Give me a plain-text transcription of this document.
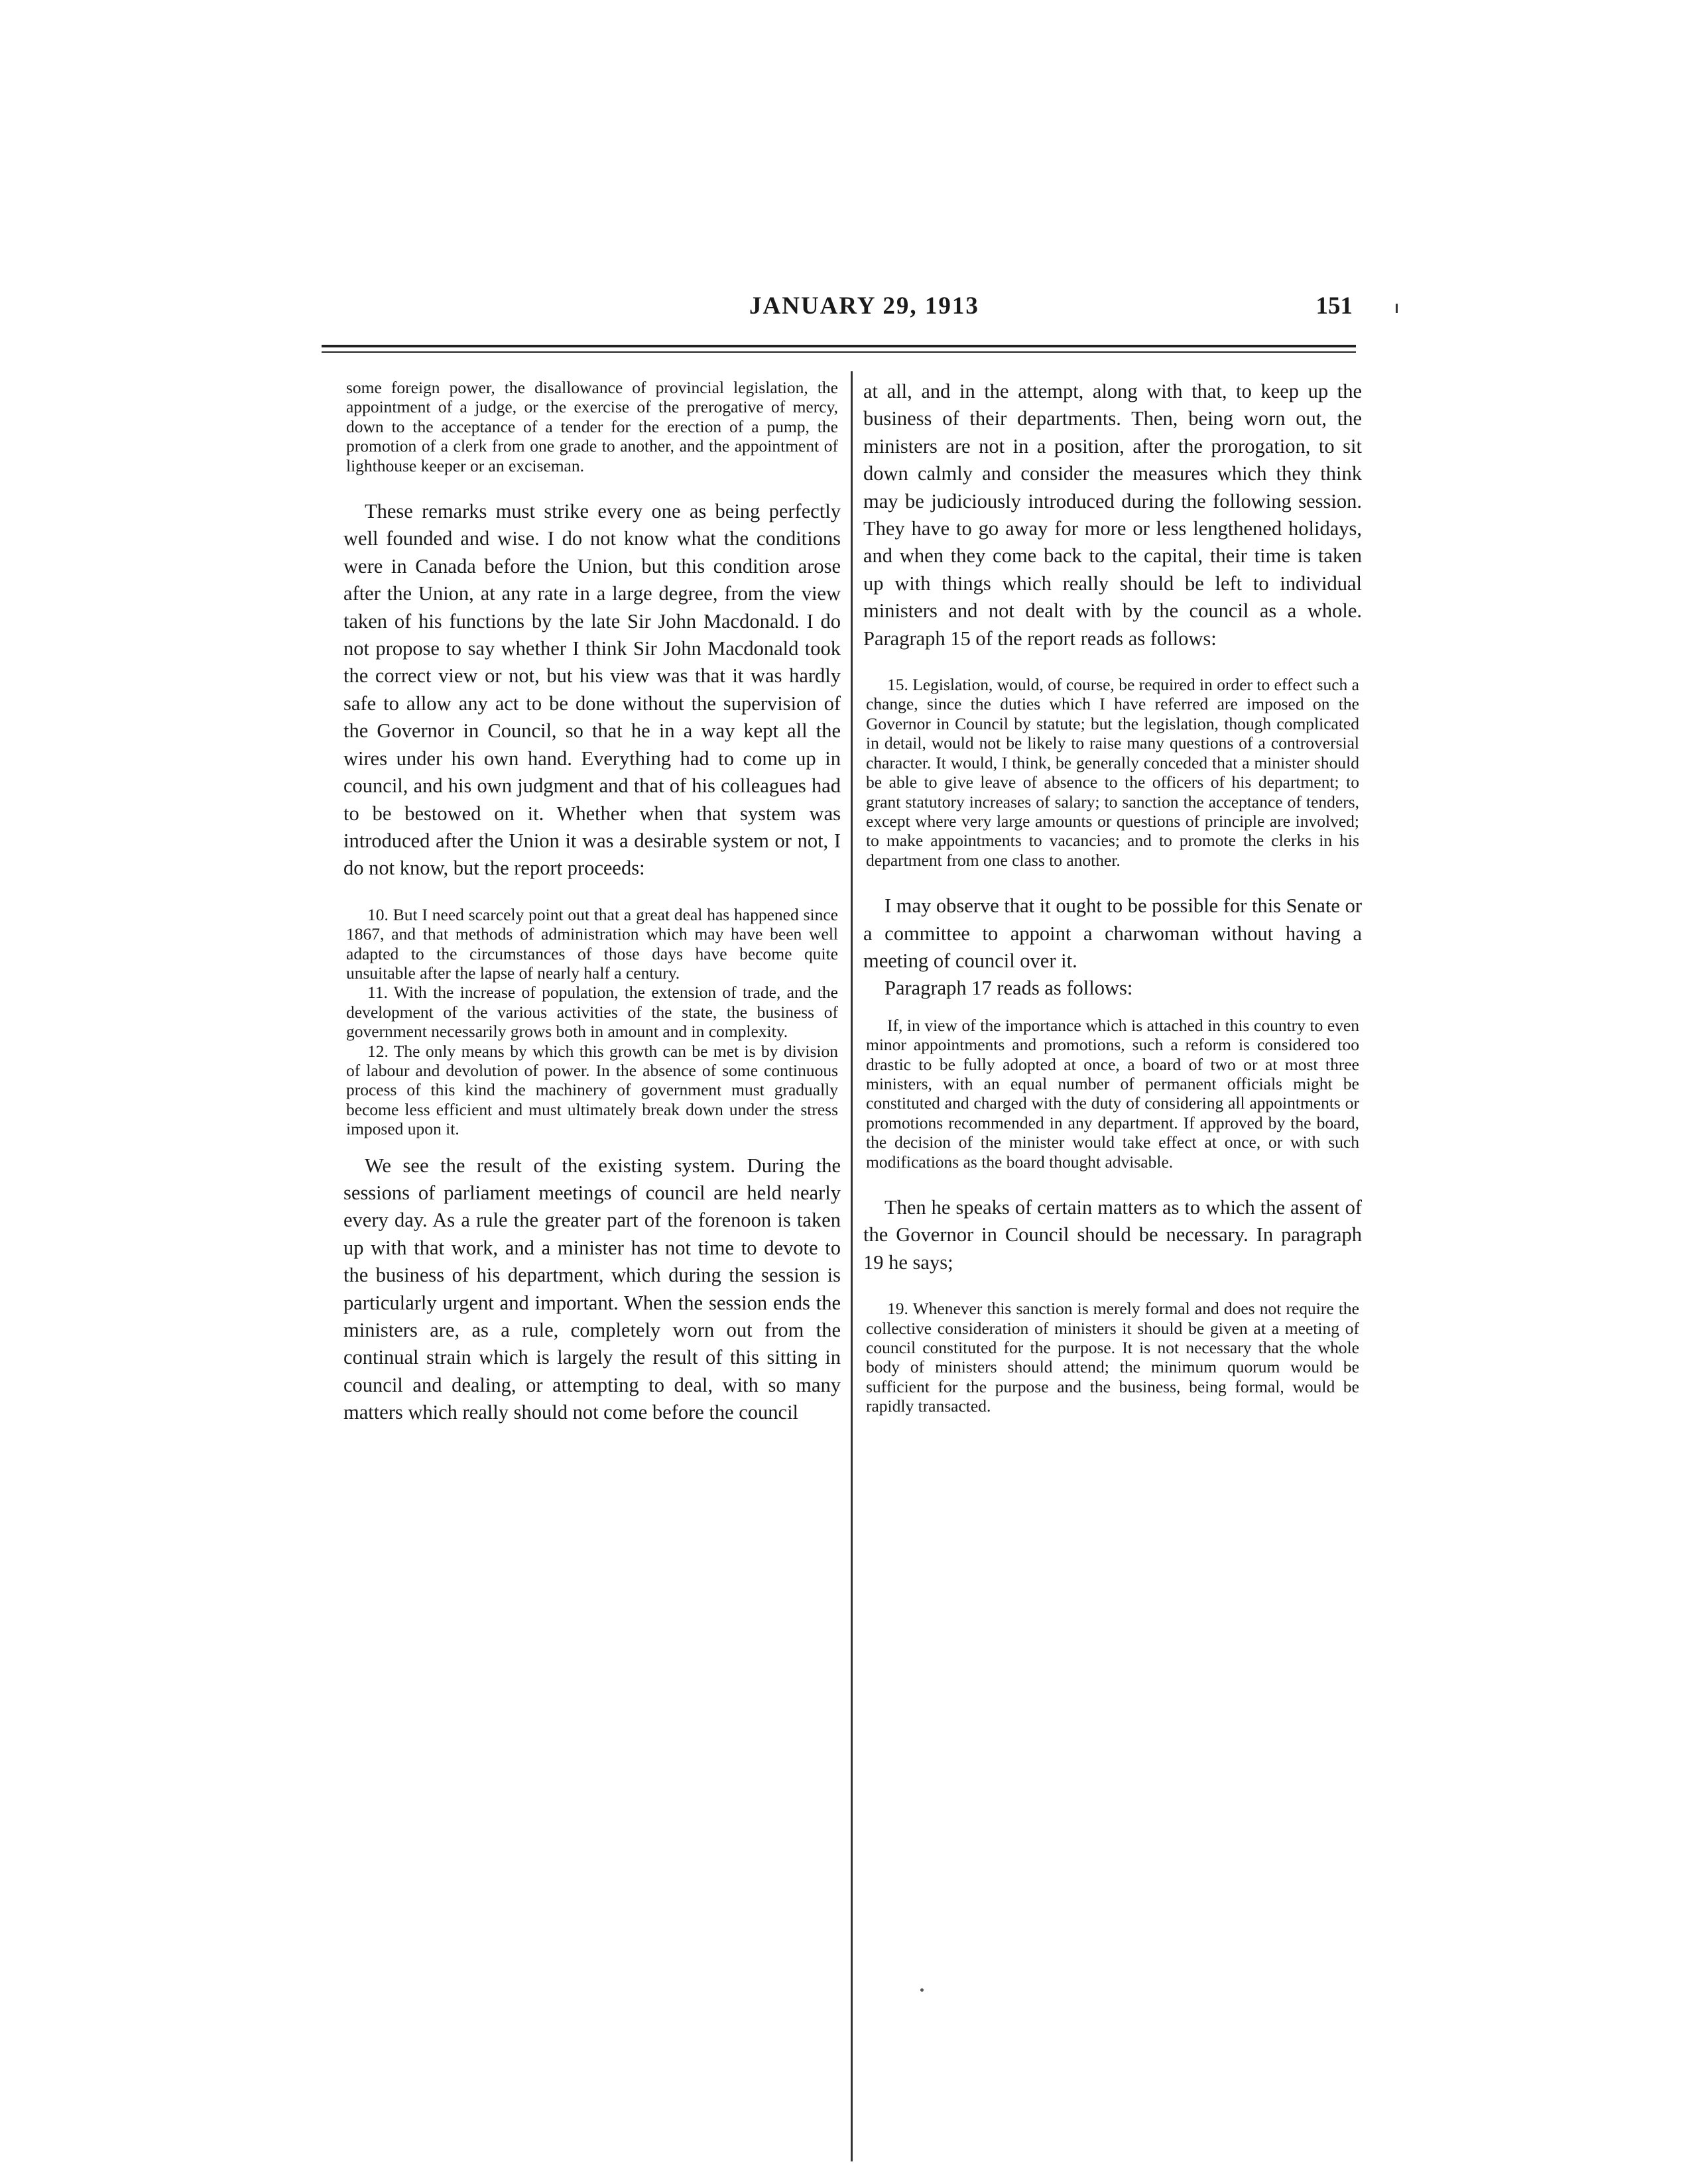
JANUARY 29, 1913	151

some foreign power, the disallowance of provincial legislation, the appointment of a judge, or the exercise of the prerogative of mercy, down to the acceptance of a tender for the erection of a pump, the promotion of a clerk from one grade to another, and the appointment of lighthouse keeper or an exciseman.

These remarks must strike every one as being perfectly well founded and wise. I do not know what the conditions were in Canada before the Union, but this condition arose after the Union, at any rate in a large degree, from the view taken of his functions by the late Sir John Macdonald. I do not propose to say whether I think Sir John Macdonald took the correct view or not, but his view was that it was hardly safe to allow any act to be done without the supervision of the Governor in Council, so that he in a way kept all the wires under his own hand. Everything had to come up in council, and his own judgment and that of his colleagues had to be bestowed on it. Whether when that system was introduced after the Union it was a desirable system or not, I do not know, but the report proceeds:

10. But I need scarcely point out that a great deal has happened since 1867, and that methods of administration which may have been well adapted to the circumstances of those days have become quite unsuitable after the lapse of nearly half a century.

11. With the increase of population, the extension of trade, and the development of the various activities of the state, the business of government necessarily grows both in amount and in complexity.

12. The only means by which this growth can be met is by division of labour and devolution of power. In the absence of some continuous process of this kind the machinery of government must gradually become less efficient and must ultimately break down under the stress imposed upon it.

We see the result of the existing system. During the sessions of parliament meetings of council are held nearly every day. As a rule the greater part of the forenoon is taken up with that work, and a minister has not time to devote to the business of his department, which during the session is particularly urgent and important. When the session ends the ministers are, as a rule, completely worn out from the continual strain which is largely the result of this sitting in council and dealing, or attempting to deal, with so many matters which really should not come before the council

at all, and in the attempt, along with that, to keep up the business of their departments. Then, being worn out, the ministers are not in a position, after the prorogation, to sit down calmly and consider the measures which they think may be judiciously introduced during the following session. They have to go away for more or less lengthened holidays, and when they come back to the capital, their time is taken up with things which really should be left to individual ministers and not dealt with by the council as a whole. Paragraph 15 of the report reads as follows:

15. Legislation, would, of course, be required in order to effect such a change, since the duties which I have referred are imposed on the Governor in Council by statute; but the legislation, though complicated in detail, would not be likely to raise many questions of a controversial character. It would, I think, be generally conceded that a minister should be able to give leave of absence to the officers of his department; to grant statutory increases of salary; to sanction the acceptance of tenders, except where very large amounts or questions of principle are involved; to make appointments to vacancies; and to promote the clerks in his department from one class to another.

I may observe that it ought to be possible for this Senate or a committee to appoint a charwoman without having a meeting of council over it.

Paragraph 17 reads as follows:

If, in view of the importance which is attached in this country to even minor appointments and promotions, such a reform is considered too drastic to be fully adopted at once, a board of two or at most three ministers, with an equal number of permanent officials might be constituted and charged with the duty of considering all appointments or promotions recommended in any department. If approved by the board, the decision of the minister would take effect at once, or with such modifications as the board thought advisable.

Then he speaks of certain matters as to which the assent of the Governor in Council should be necessary. In paragraph 19 he says;

19. Whenever this sanction is merely formal and does not require the collective consideration of ministers it should be given at a meeting of council constituted for the purpose. It is not necessary that the whole body of ministers should attend; the minimum quorum would be sufficient for the purpose and the business, being formal, would be rapidly transacted.
